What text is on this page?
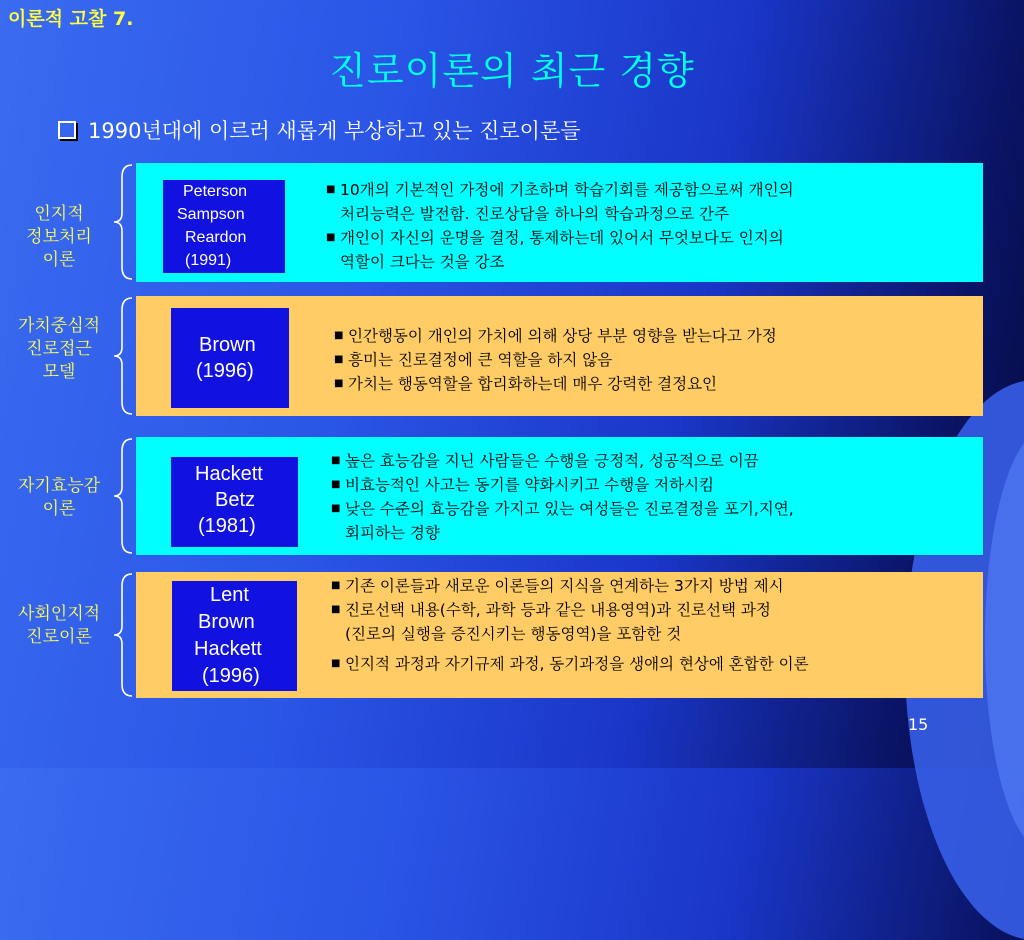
이론적 고찰 7.
진로이론의 최근 경향
1990년대에 이르러 새롭게 부상하고 있는 진로이론들
인지적
정보처리
이론
Peterson
Sampson
Reardon
(1991)
■ 10개의 기본적인 가정에 기초하며 학습기회를 제공함으로써 개인의
처리능력은 발전함. 진로상담을 하나의 학습과정으로 간주
■ 개인이 자신의 운명을 결정, 통제하는데 있어서 무엇보다도 인지의
역할이 크다는 것을 강조
가치중심적
진로접근
모델
Brown
(1996)
■ 인간행동이 개인의 가치에 의해 상당 부분 영향을 받는다고 가정
■ 흥미는 진로결정에 큰 역할을 하지 않음
■ 가치는 행동역할을 합리화하는데 매우 강력한 결정요인
자기효능감
이론
Hackett
Betz
(1981)
■ 높은 효능감을 지닌 사람들은 수행을 긍정적, 성공적으로 이끔
■ 비효능적인 사고는 동기를 약화시키고 수행을 저하시킴
■ 낮은 수준의 효능감을 가지고 있는 여성들은 진로결정을 포기,지연,
회피하는 경향
사회인지적
진로이론
Lent
Brown
Hackett
(1996)
■ 기존 이론들과 새로운 이론들의 지식을 연계하는 3가지 방법 제시
■ 진로선택 내용(수학, 과학 등과 같은 내용영역)과 진로선택 과정
(진로의 실행을 증진시키는 행동영역)을 포함한 것
■ 인지적 과정과 자기규제 과정, 동기과정을 생애의 현상에 혼합한 이론
15
